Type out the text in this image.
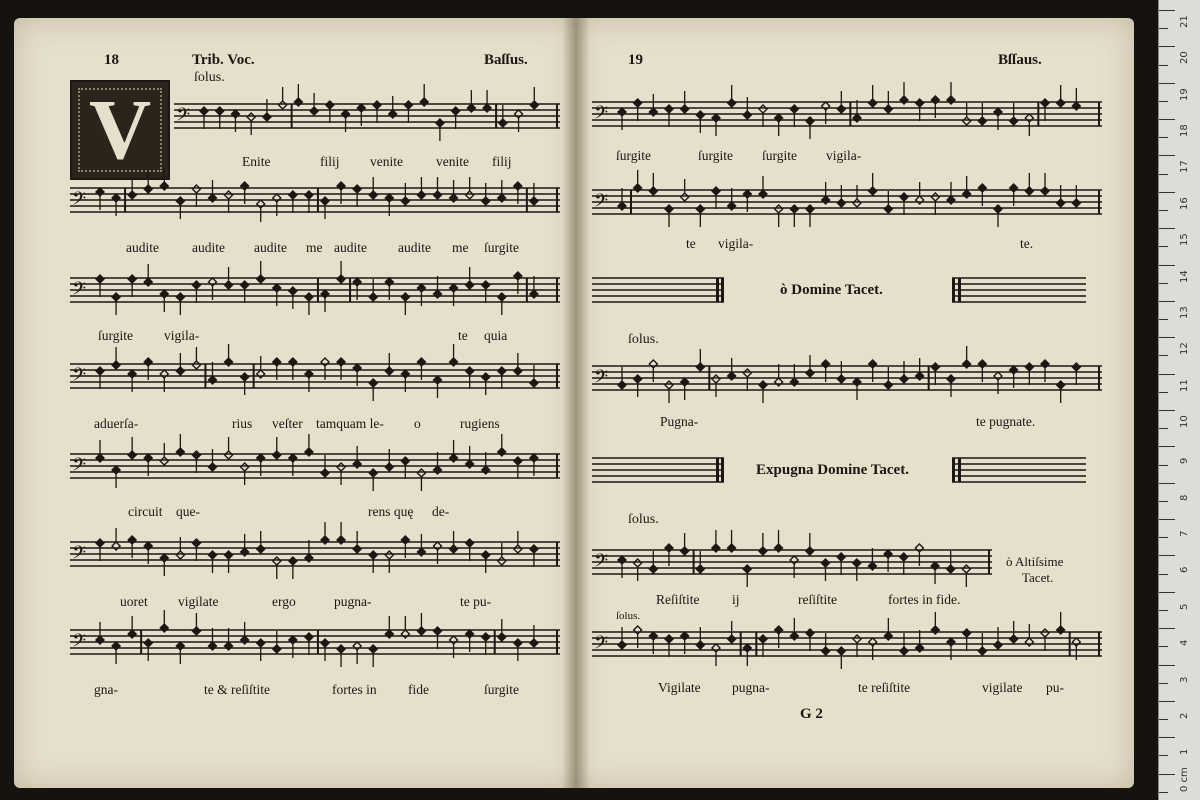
18	Trib. Voc.	Baſſus.
ſolus.
V	𝄢
𝄢
𝄢
𝄢
𝄢
𝄢
𝄢
Enite	filij venite venite filij
audite audite audite me audite audite me ſurgite
ſurgite vigila-	te quia
aduerſa-	rius veſter tamquam le- o	rugiens
circuit que-	rens quę de-
uoret vigilate	ergo	pugna-	te pu-
gna-	te & reſiſtite	fortes in fide	ſurgite
19	Bſſaus.
𝄢
𝄢
𝄢
𝄢
𝄢
ſurgite	ſurgite ſurgite vigila-
te vigila-	te.
ò Domine Tacet.
ſolus.
Pugna-	te pugnate.
Expugna Domine Tacet.
ſolus.
ò Altiſsime
Tacet.
Reſiſtite ij	reſiſtite	fortes in fide.
ſolus.
Vigilate pugna-	te reſiſtite	vigilate pu-
G 2
21
20
19
18
17
16
15
14
13
12
11
10
9
8
7
6
5
4
3
2
1
0 cm
